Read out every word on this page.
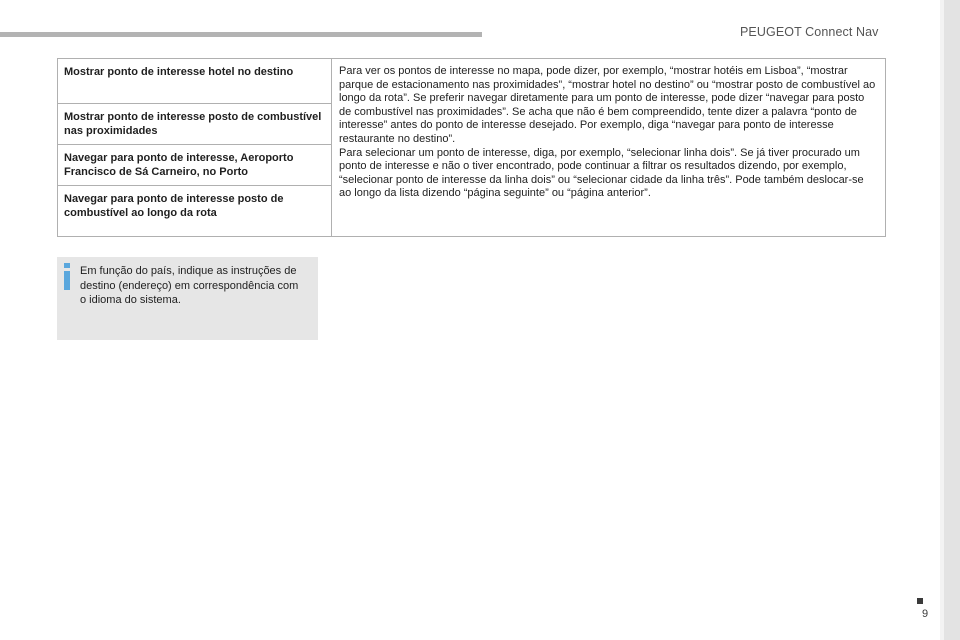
PEUGEOT Connect Nav
Mostrar ponto de interesse hotel no destino
Mostrar ponto de interesse posto de combustível nas proximidades
Navegar para ponto de interesse, Aeroporto Francisco de Sá Carneiro, no Porto
Navegar para ponto de interesse posto de combustível ao longo da rota

Para ver os pontos de interesse no mapa, pode dizer, por exemplo, “mostrar hotéis em Lisboa”, “mostrar parque de estacionamento nas proximidades”, “mostrar hotel no destino” ou “mostrar posto de combustível ao longo da rota”. Se preferir navegar diretamente para um ponto de interesse, pode dizer “navegar para posto de combustível nas proximidades”. Se acha que não é bem compreendido, tente dizer a palavra “ponto de interesse” antes do ponto de interesse desejado. Por exemplo, diga “navegar para ponto de interesse restaurante no destino”.

Para selecionar um ponto de interesse, diga, por exemplo, “selecionar linha dois”. Se já tiver procurado um ponto de interesse e não o tiver encontrado, pode continuar a filtrar os resultados dizendo, por exemplo, “selecionar ponto de interesse da linha dois” ou “selecionar cidade da linha três”. Pode também deslocar-se ao longo da lista dizendo “página seguinte” ou “página anterior”.

Em função do país, indique as instruções de destino (endereço) em correspondência com o idioma do sistema.
9
